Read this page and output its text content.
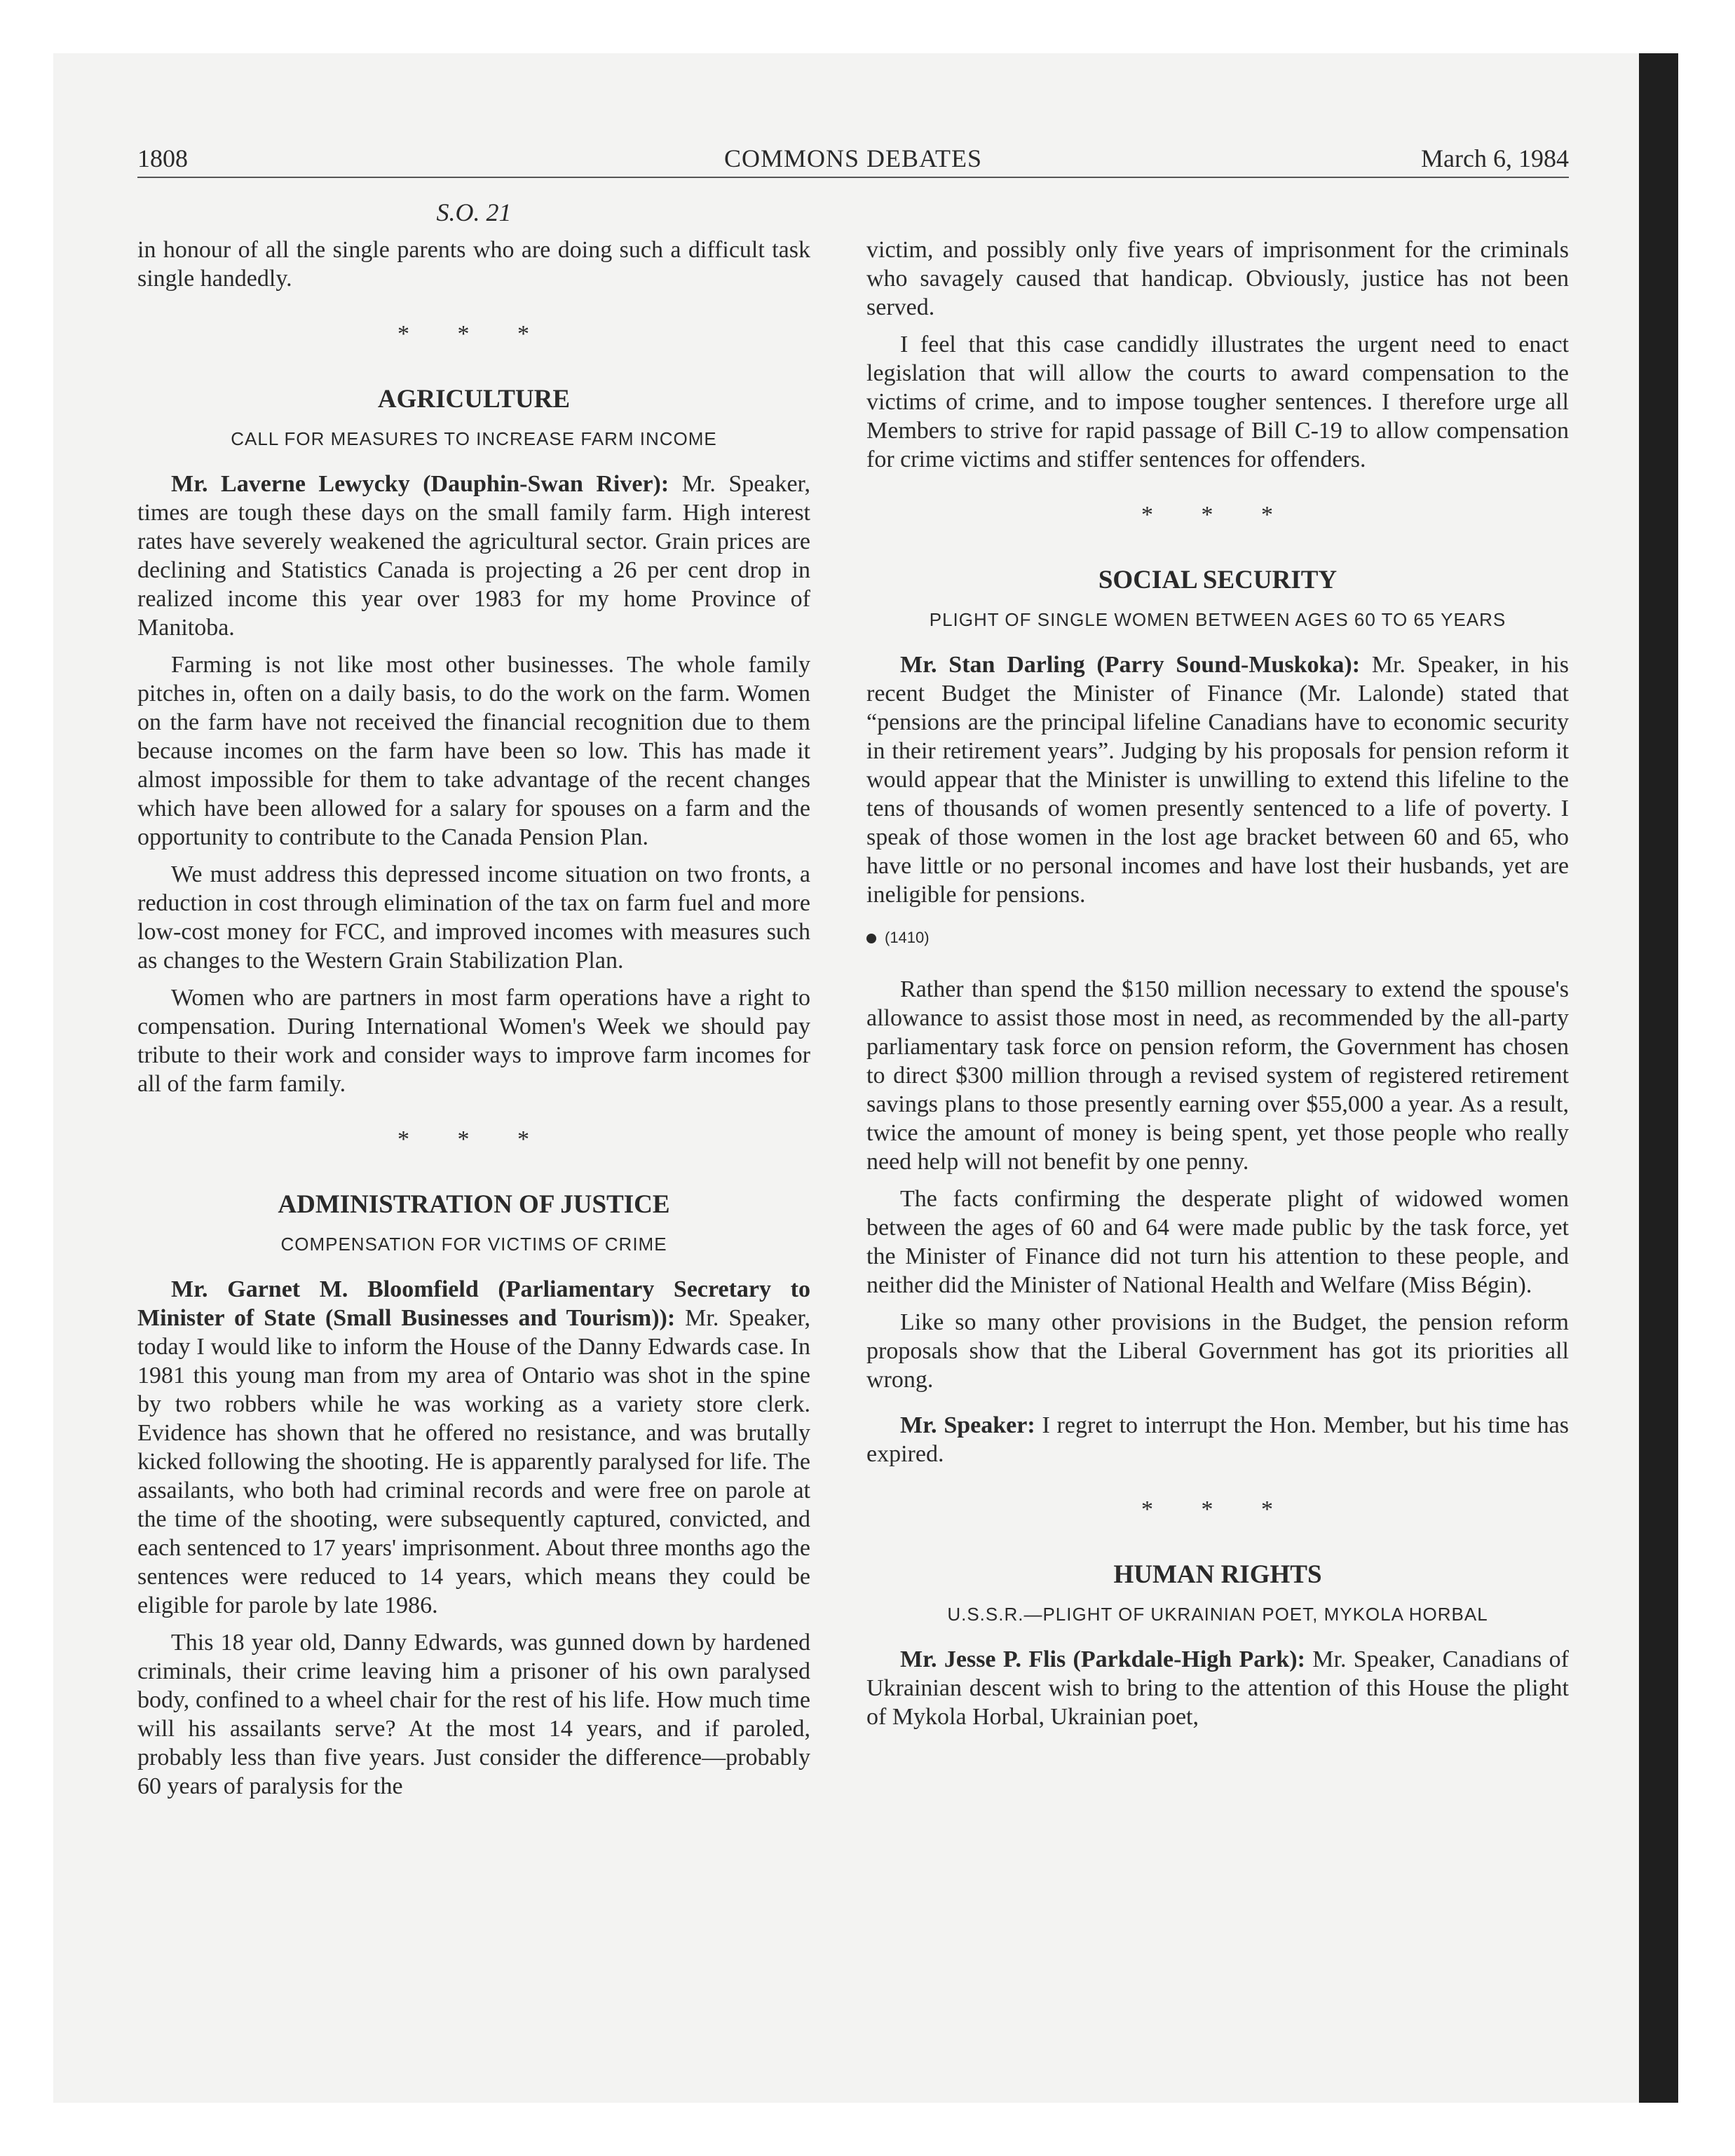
1808	COMMONS DEBATES	March 6, 1984
S.O. 21

in honour of all the single parents who are doing such a difficult task single handedly.

* * *
AGRICULTURE
CALL FOR MEASURES TO INCREASE FARM INCOME

Mr. Laverne Lewycky (Dauphin-Swan River): Mr. Speaker, times are tough these days on the small family farm. High interest rates have severely weakened the agricultural sector. Grain prices are declining and Statistics Canada is projecting a 26 per cent drop in realized income this year over 1983 for my home Province of Manitoba.

Farming is not like most other businesses. The whole family pitches in, often on a daily basis, to do the work on the farm. Women on the farm have not received the financial recognition due to them because incomes on the farm have been so low. This has made it almost impossible for them to take advantage of the recent changes which have been allowed for a salary for spouses on a farm and the opportunity to contribute to the Canada Pension Plan.

We must address this depressed income situation on two fronts, a reduction in cost through elimination of the tax on farm fuel and more low-cost money for FCC, and improved incomes with measures such as changes to the Western Grain Stabilization Plan.

Women who are partners in most farm operations have a right to compensation. During International Women's Week we should pay tribute to their work and consider ways to improve farm incomes for all of the farm family.

* * *
ADMINISTRATION OF JUSTICE
COMPENSATION FOR VICTIMS OF CRIME

Mr. Garnet M. Bloomfield (Parliamentary Secretary to Minister of State (Small Businesses and Tourism)): Mr. Speaker, today I would like to inform the House of the Danny Edwards case. In 1981 this young man from my area of Ontario was shot in the spine by two robbers while he was working as a variety store clerk. Evidence has shown that he offered no resistance, and was brutally kicked following the shooting. He is apparently paralysed for life. The assailants, who both had criminal records and were free on parole at the time of the shooting, were subsequently captured, convicted, and each sentenced to 17 years' imprisonment. About three months ago the sentences were reduced to 14 years, which means they could be eligible for parole by late 1986.

This 18 year old, Danny Edwards, was gunned down by hardened criminals, their crime leaving him a prisoner of his own paralysed body, confined to a wheel chair for the rest of his life. How much time will his assailants serve? At the most 14 years, and if paroled, probably less than five years. Just consider the difference—probably 60 years of paralysis for the

victim, and possibly only five years of imprisonment for the criminals who savagely caused that handicap. Obviously, justice has not been served.

I feel that this case candidly illustrates the urgent need to enact legislation that will allow the courts to award compensation to the victims of crime, and to impose tougher sentences. I therefore urge all Members to strive for rapid passage of Bill C-19 to allow compensation for crime victims and stiffer sentences for offenders.

* * *
SOCIAL SECURITY
PLIGHT OF SINGLE WOMEN BETWEEN AGES 60 TO 65 YEARS

Mr. Stan Darling (Parry Sound-Muskoka): Mr. Speaker, in his recent Budget the Minister of Finance (Mr. Lalonde) stated that “pensions are the principal lifeline Canadians have to economic security in their retirement years”. Judging by his proposals for pension reform it would appear that the Minister is unwilling to extend this lifeline to the tens of thousands of women presently sentenced to a life of poverty. I speak of those women in the lost age bracket between 60 and 65, who have little or no personal incomes and have lost their husbands, yet are ineligible for pensions.

(1410)

Rather than spend the $150 million necessary to extend the spouse's allowance to assist those most in need, as recommended by the all-party parliamentary task force on pension reform, the Government has chosen to direct $300 million through a revised system of registered retirement savings plans to those presently earning over $55,000 a year. As a result, twice the amount of money is being spent, yet those people who really need help will not benefit by one penny.

The facts confirming the desperate plight of widowed women between the ages of 60 and 64 were made public by the task force, yet the Minister of Finance did not turn his attention to these people, and neither did the Minister of National Health and Welfare (Miss Bégin).

Like so many other provisions in the Budget, the pension reform proposals show that the Liberal Government has got its priorities all wrong.

Mr. Speaker: I regret to interrupt the Hon. Member, but his time has expired.

* * *
HUMAN RIGHTS
U.S.S.R.—PLIGHT OF UKRAINIAN POET, MYKOLA HORBAL

Mr. Jesse P. Flis (Parkdale-High Park): Mr. Speaker, Canadians of Ukrainian descent wish to bring to the attention of this House the plight of Mykola Horbal, Ukrainian poet,
